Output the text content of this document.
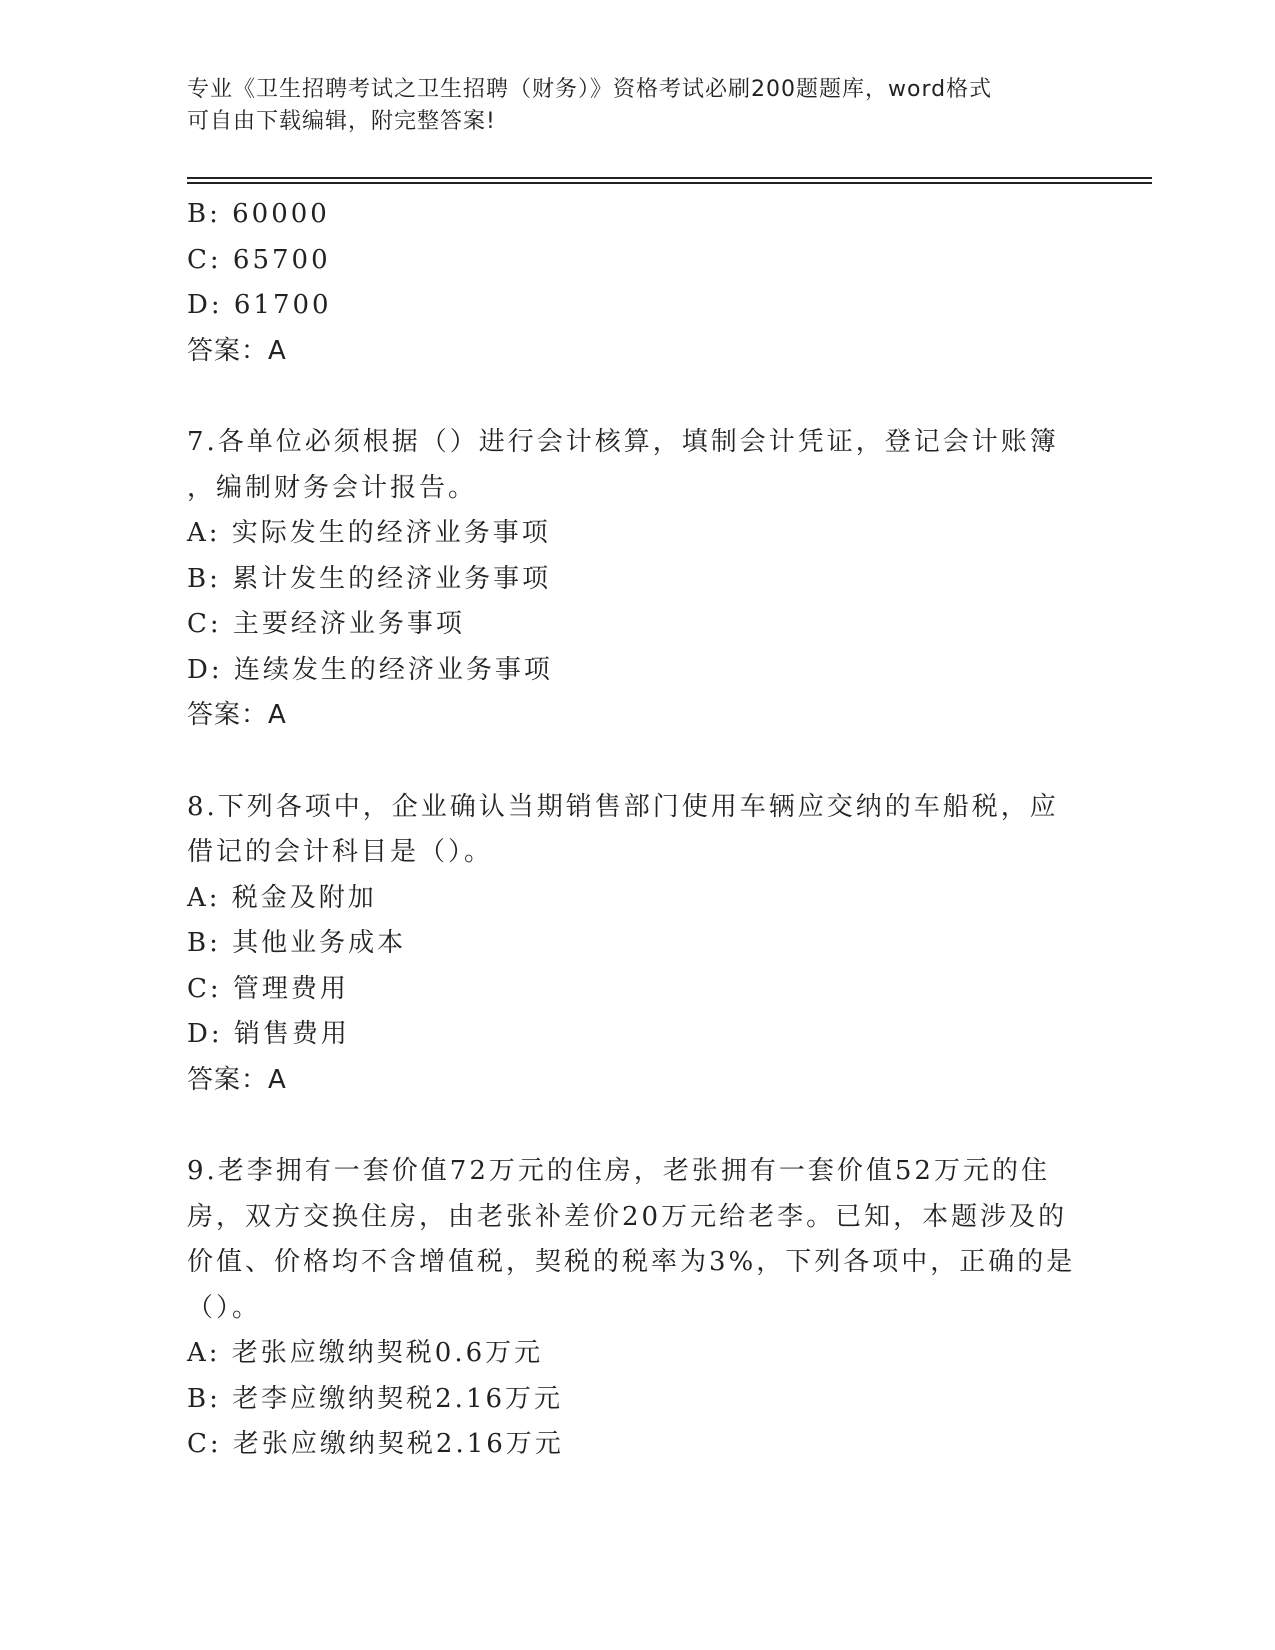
专业《卫生招聘考试之卫生招聘（财务）》资格考试必刷200题题库，word格式
可自由下载编辑，附完整答案!
B: 60000
C: 65700
D: 61700
答案：A
7.各单位必须根据（）进行会计核算，填制会计凭证，登记会计账簿
，编制财务会计报告。
A: 实际发生的经济业务事项
B: 累计发生的经济业务事项
C: 主要经济业务事项
D: 连续发生的经济业务事项
答案：A
8.下列各项中，企业确认当期销售部门使用车辆应交纳的车船税，应
借记的会计科目是（）。
A: 税金及附加
B: 其他业务成本
C: 管理费用
D: 销售费用
答案：A
9.老李拥有一套价值72万元的住房，老张拥有一套价值52万元的住
房，双方交换住房，由老张补差价20万元给老李。已知，本题涉及的
价值、价格均不含增值税，契税的税率为3%，下列各项中，正确的是
（）。
A: 老张应缴纳契税0.6万元
B: 老李应缴纳契税2.16万元
C: 老张应缴纳契税2.16万元
